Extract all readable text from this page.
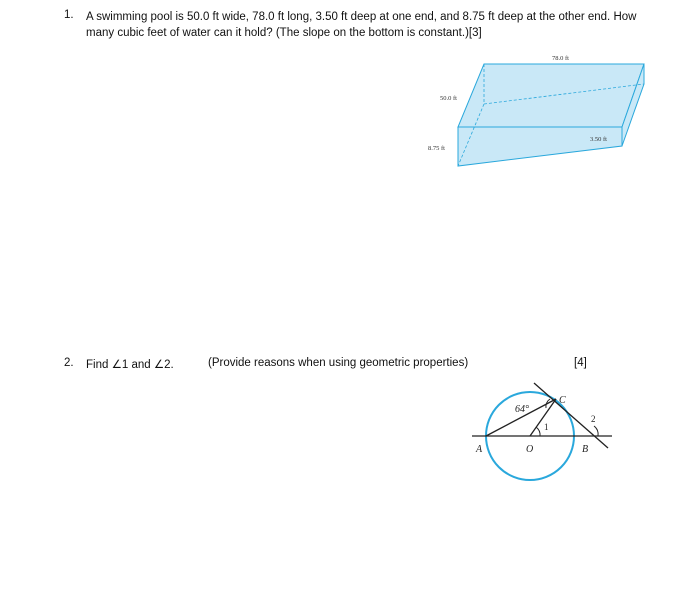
1. A swimming pool is 50.0 ft wide, 78.0 ft long, 3.50 ft deep at one end, and 8.75 ft deep at the other end. How many cubic feet of water can it hold? (The slope on the bottom is constant.)[3]
78.0 ft
50.0 ft
3.50 ft
8.75 ft
2. Find ∠1 and ∠2.	(Provide reasons when using geometric properties)	[4]
64°
C
1
2
A	O	B
